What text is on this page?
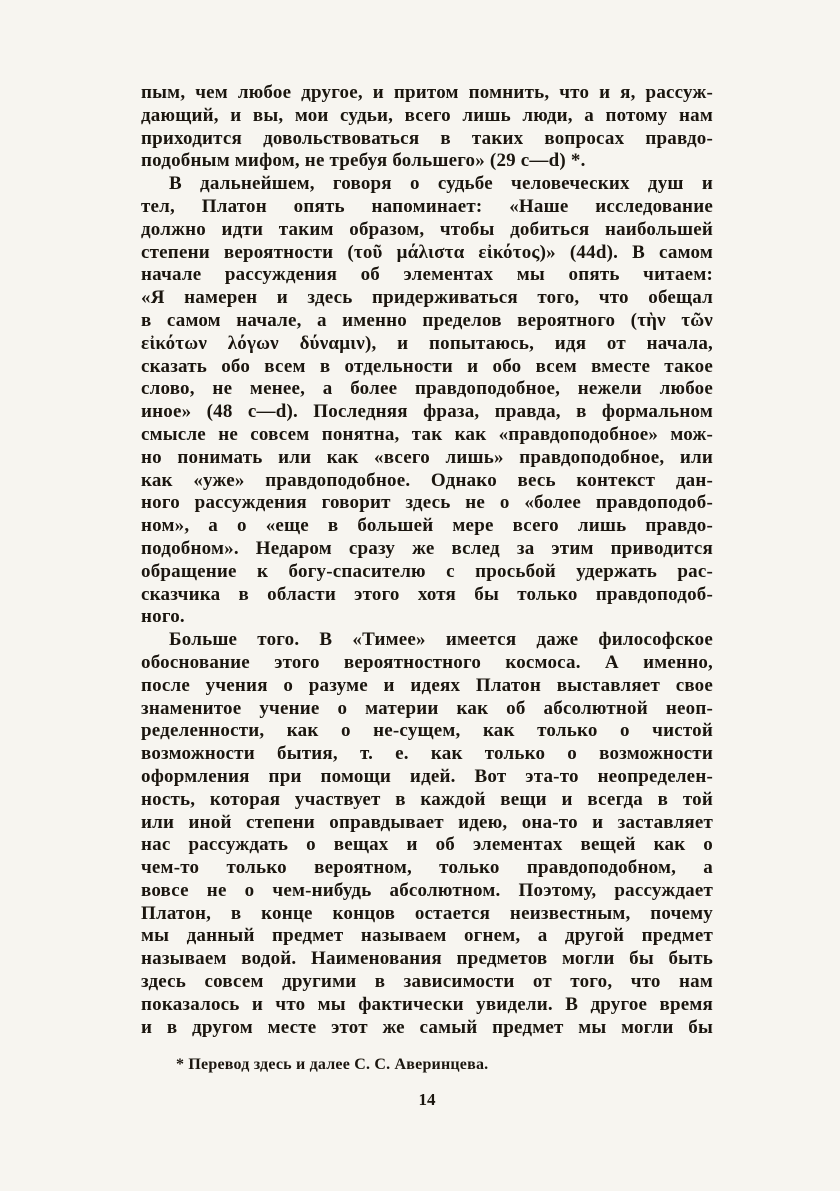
пым, чем любое другое, и притом помнить, что и я, рассуж-
дающий, и вы, мои судьи, всего лишь люди, а потому нам
приходится довольствоваться в таких вопросах правдо-
подобным мифом, не требуя большего» (29 c—d) *.
В дальнейшем, говоря о судьбе человеческих душ и
тел, Платон опять напоминает: «Наше исследование
должно идти таким образом, чтобы добиться наибольшей
степени вероятности (τοῦ μάλιστα εἰκότος)» (44d). В самом
начале рассуждения об элементах мы опять читаем:
«Я намерен и здесь придерживаться того, что обещал
в самом начале, а именно пределов вероятного (τὴν τῶν
εἰκότων λόγων δύναμιν), и попытаюсь, идя от начала,
сказать обо всем в отдельности и обо всем вместе такое
слово, не менее, а более правдоподобное, нежели любое
иное» (48 c—d). Последняя фраза, правда, в формальном
смысле не совсем понятна, так как «правдоподобное» мож-
но понимать или как «всего лишь» правдоподобное, или
как «уже» правдоподобное. Однако весь контекст дан-
ного рассуждения говорит здесь не о «более правдоподоб-
ном», а о «еще в большей мере всего лишь правдо-
подобном». Недаром сразу же вслед за этим приводится
обращение к богу-спасителю с просьбой удержать рас-
сказчика в области этого хотя бы только правдоподоб-
ного.
Больше того. В «Тимее» имеется даже философское
обоснование этого вероятностного космоса. А именно,
после учения о разуме и идеях Платон выставляет свое
знаменитое учение о материи как об абсолютной неоп-
ределенности, как о не-сущем, как только о чистой
возможности бытия, т. е. как только о возможности
оформления при помощи идей. Вот эта-то неопределен-
ность, которая участвует в каждой вещи и всегда в той
или иной степени оправдывает идею, она-то и заставляет
нас рассуждать о вещах и об элементах вещей как о
чем-то только вероятном, только правдоподобном, а
вовсе не о чем-нибудь абсолютном. Поэтому, рассуждает
Платон, в конце концов остается неизвестным, почему
мы данный предмет называем огнем, а другой предмет
называем водой. Наименования предметов могли бы быть
здесь совсем другими в зависимости от того, что нам
показалось и что мы фактически увидели. В другое время
и в другом месте этот же самый предмет мы могли бы
* Перевод здесь и далее С. С. Аверинцева.
14
